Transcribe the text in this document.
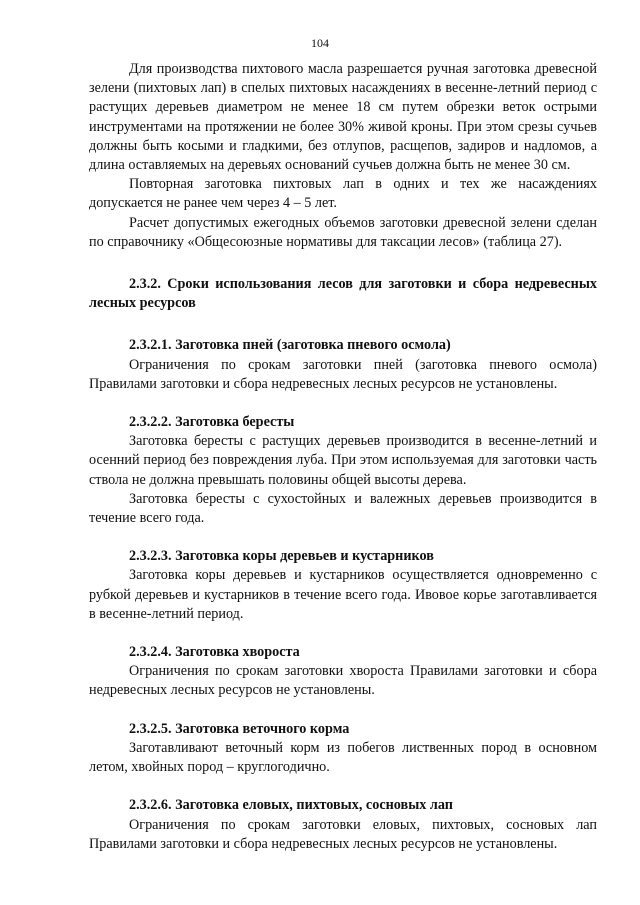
104

Для производства пихтового масла разрешается ручная заготовка древесной зелени (пихтовых лап) в спелых пихтовых насаждениях в весенне-летний период с растущих деревьев диаметром не менее 18 см путем обрезки веток острыми инструментами на протяжении не более 30% живой кроны. При этом срезы сучьев должны быть косыми и гладкими, без отлупов, расщепов, задиров и надломов, а длина оставляемых на деревьях оснований сучьев должна быть не менее 30 см.

Повторная заготовка пихтовых лап в одних и тех же насаждениях допускается не ранее чем через 4 – 5 лет.

Расчет допустимых ежегодных объемов заготовки древесной зелени сделан по справочнику «Общесоюзные нормативы для таксации лесов» (таблица 27).

2.3.2. Сроки использования лесов для заготовки и сбора недревесных лесных ресурсов
2.3.2.1. Заготовка пней (заготовка пневого осмола)

Ограничения по срокам заготовки пней (заготовка пневого осмола) Правилами заготовки и сбора недревесных лесных ресурсов не установлены.

2.3.2.2. Заготовка бересты

Заготовка бересты с растущих деревьев производится в весенне-летний и осенний период без повреждения луба. При этом используемая для заготовки часть ствола не должна превышать половины общей высоты дерева.

Заготовка бересты с сухостойных и валежных деревьев производится в течение всего года.

2.3.2.3. Заготовка коры деревьев и кустарников

Заготовка коры деревьев и кустарников осуществляется одновременно с рубкой деревьев и кустарников в течение всего года. Ивовое корье заготавливается в весенне-летний период.

2.3.2.4. Заготовка хвороста

Ограничения по срокам заготовки хвороста Правилами заготовки и сбора недревесных лесных ресурсов не установлены.

2.3.2.5. Заготовка веточного корма

Заготавливают веточный корм из побегов лиственных пород в основном летом, хвойных пород – круглогодично.

2.3.2.6. Заготовка еловых, пихтовых, сосновых лап

Ограничения по срокам заготовки еловых, пихтовых, сосновых лап Правилами заготовки и сбора недревесных лесных ресурсов не установлены.
